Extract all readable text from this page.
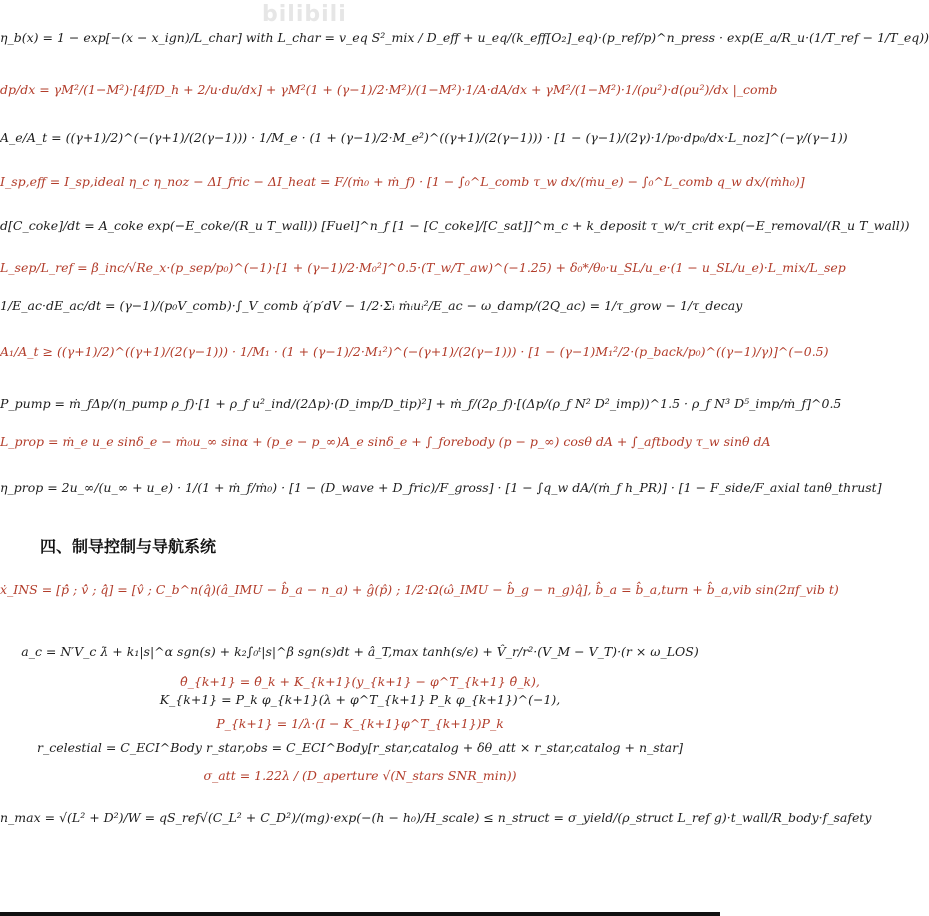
bilibili
四、制导控制与导航系统
η_b(x) = 1 − exp[−(x − x_ign)/L_char] with L_char = v_eq S²_mix / D_eff + u_eq/(k_eff[O₂]_eq)·(p_ref/p)^n_press · exp(E_a/R_u·(1/T_ref − 1/T_eq))
dp/dx = γM²/(1−M²)·[4f/D_h + 2/u·du/dx] + γM²(1 + (γ−1)/2·M²)/(1−M²)·1/A·dA/dx + γM²/(1−M²)·1/(ρu²)·d(ρu²)/dx |_comb
A_e/A_t = ((γ+1)/2)^(−(γ+1)/(2(γ−1))) · 1/M_e · (1 + (γ−1)/2·M_e²)^((γ+1)/(2(γ−1))) · [1 − (γ−1)/(2γ)·1/p₀·dp₀/dx·L_noz]^(−γ/(γ−1))
I_sp,eff = I_sp,ideal η_c η_noz − ΔI_fric − ΔI_heat = F/(ṁ₀ + ṁ_f) · [1 − ∫₀^L_comb τ_w dx/(ṁu_e) − ∫₀^L_comb q_w dx/(ṁh₀)]
d[C_coke]/dt = A_coke exp(−E_coke/(R_u T_wall)) [Fuel]^n_f [1 − [C_coke]/[C_sat]]^m_c + k_deposit τ_w/τ_crit exp(−E_removal/(R_u T_wall))
L_sep/L_ref = β_inc/√Re_x·(p_sep/p₀)^(−1)·[1 + (γ−1)/2·M₀²]^0.5·(T_w/T_aw)^(−1.25) + δ₀*/θ₀·u_SL/u_e·(1 − u_SL/u_e)·L_mix/L_sep
1/E_ac·dE_ac/dt = (γ−1)/(p₀V_comb)·∫_V_comb q̇′p′dV − 1/2·Σᵢ ṁᵢuᵢ²/E_ac − ω_damp/(2Q_ac) = 1/τ_grow − 1/τ_decay
A₁/A_t ≥ ((γ+1)/2)^((γ+1)/(2(γ−1))) · 1/M₁ · (1 + (γ−1)/2·M₁²)^(−(γ+1)/(2(γ−1))) · [1 − (γ−1)M₁²/2·(p_back/p₀)^((γ−1)/γ)]^(−0.5)
P_pump = ṁ_fΔp/(η_pump ρ_f)·[1 + ρ_f u²_ind/(2Δp)·(D_imp/D_tip)²] + ṁ_f/(2ρ_f)·[(Δp/(ρ_f N² D²_imp))^1.5 · ρ_f N³ D⁵_imp/ṁ_f]^0.5
L_prop = ṁ_e u_e sinδ_e − ṁ₀u_∞ sinα + (p_e − p_∞)A_e sinδ_e + ∫_forebody (p − p_∞) cosθ dA + ∫_aftbody τ_w sinθ dA
η_prop = 2u_∞/(u_∞ + u_e) · 1/(1 + ṁ_f/ṁ₀) · [1 − (D_wave + D_fric)/F_gross] · [1 − ∫q_w dA/(ṁ_f h_PR)] · [1 − F_side/F_axial tanθ_thrust]
ẋ_INS = [p̂̇ ; v̂̇ ; q̂̇] = [v̂ ; C_b^n(q̂)(â_IMU − b̂_a − n_a) + ĝ(p̂) ; 1/2·Ω(ω̂_IMU − b̂_g − n_g)q̂], b̂_a = b̂_a,turn + b̂_a,vib sin(2πf_vib t)
a_c = N′V_c λ̇ + k₁|s|^α sgn(s) + k₂∫₀ᵗ|s|^β sgn(s)dt + â_T,max tanh(s/ϵ) + V̂_r/r²·(V_M − V_T)·(r × ω_LOS)
θ̂_{k+1} = θ̂_k + K_{k+1}(y_{k+1} − φ^T_{k+1} θ̂_k),
K_{k+1} = P_k φ_{k+1}(λ + φ^T_{k+1} P_k φ_{k+1})^(−1),
P_{k+1} = 1/λ·(I − K_{k+1}φ^T_{k+1})P_k
r_celestial = C_ECI^Body r_star,obs = C_ECI^Body[r_star,catalog + δθ_att × r_star,catalog + n_star]
σ_att = 1.22λ / (D_aperture √(N_stars SNR_min))
n_max = √(L² + D²)/W = qS_ref√(C_L² + C_D²)/(mg)·exp(−(h − h₀)/H_scale) ≤ n_struct = σ_yield/(ρ_struct L_ref g)·t_wall/R_body·f_safety
